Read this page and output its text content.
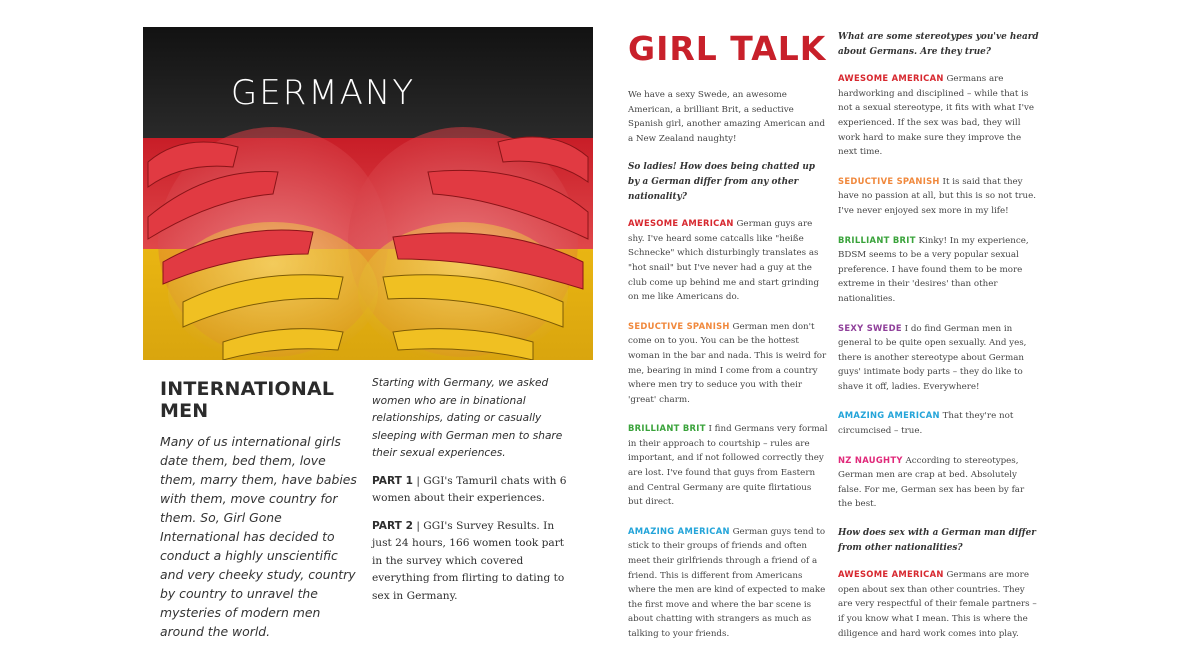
GERMANY
INTERNATIONAL MEN

Many of us international girls date them, bed them, love them, marry them, have babies with them, move country for them. So, Girl Gone International has decided to conduct a highly unscientific and very cheeky study, country by country to unravel the mysteries of modern men around the world.

Starting with Germany, we asked women who are in binational relationships, dating or casually sleeping with German men to share their sexual experiences.

PART 1 | GGI's Tamuril chats with 6 women about their experiences.

PART 2 | GGI's Survey Results. In just 24 hours, 166 women took part in the survey which covered everything from flirting to dating to sex in Germany.

GIRL TALK

We have a sexy Swede, an awesome American, a brilliant Brit, a seductive Spanish girl, another amazing American and a New Zealand naughty!

So ladies! How does being chatted up by a German differ from any other nationality?

AWESOME AMERICAN German guys are shy. I've heard some catcalls like "heiße Schnecke" which disturbingly translates as "hot snail" but I've never had a guy at the club come up behind me and start grinding on me like Americans do.

SEDUCTIVE SPANISH German men don't come on to you. You can be the hottest woman in the bar and nada. This is weird for me, bearing in mind I come from a country where men try to seduce you with their 'great' charm.

BRILLIANT BRIT I find Germans very formal in their approach to courtship – rules are important, and if not followed correctly they are lost. I've found that guys from Eastern and Central Germany are quite flirtatious but direct.

AMAZING AMERICAN German guys tend to stick to their groups of friends and often meet their girlfriends through a friend of a friend. This is different from Americans where the men are kind of expected to make the first move and where the bar scene is about chatting with strangers as much as talking to your friends.

What are some stereotypes you've heard about Germans. Are they true?

AWESOME AMERICAN Germans are hardworking and disciplined – while that is not a sexual stereotype, it fits with what I've experienced. If the sex was bad, they will work hard to make sure they improve the next time.

SEDUCTIVE SPANISH It is said that they have no passion at all, but this is so not true. I've never enjoyed sex more in my life!

BRILLIANT BRIT Kinky! In my experience, BDSM seems to be a very popular sexual preference. I have found them to be more extreme in their 'desires' than other nationalities.

SEXY SWEDE I do find German men in general to be quite open sexually. And yes, there is another stereotype about German guys' intimate body parts – they do like to shave it off, ladies. Everywhere!

AMAZING AMERICAN That they're not circumcised – true.

NZ NAUGHTY According to stereotypes, German men are crap at bed. Absolutely false. For me, German sex has been by far the best.

How does sex with a German man differ from other nationalities?

AWESOME AMERICAN Germans are more open about sex than other countries. They are very respectful of their female partners – if you know what I mean. This is where the diligence and hard work comes into play.
